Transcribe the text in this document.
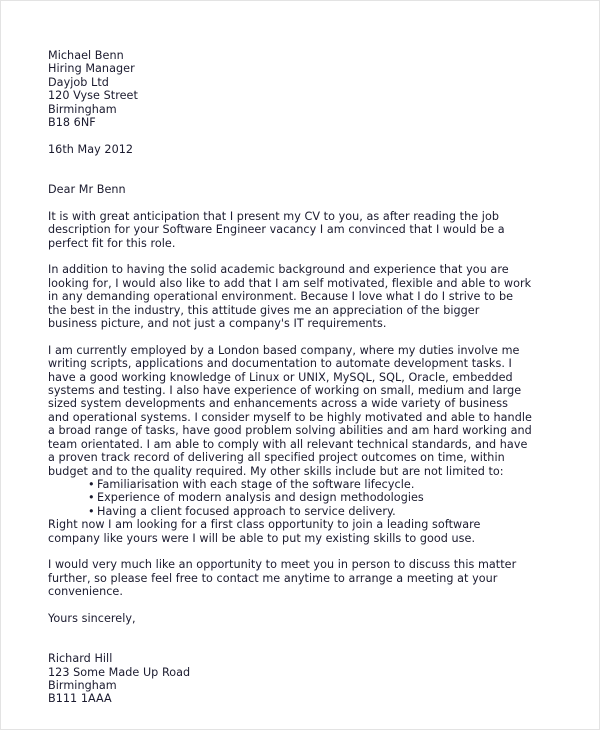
Michael Benn
Hiring Manager
Dayjob Ltd
120 Vyse Street
Birmingham
B18 6NF
16th May 2012
Dear Mr Benn

It is with great anticipation that I present my CV to you, as after reading the job description for your Software Engineer vacancy I am convinced that I would be a perfect fit for this role.

In addition to having the solid academic background and experience that you are looking for, I would also like to add that I am self motivated, flexible and able to work in any demanding operational environment. Because I love what I do I strive to be the best in the industry, this attitude gives me an appreciation of the bigger business picture, and not just a company's IT requirements.

I am currently employed by a London based company, where my duties involve me writing scripts, applications and documentation to automate development tasks. I have a good working knowledge of Linux or UNIX, MySQL, SQL, Oracle, embedded systems and testing. I also have experience of working on small, medium and large sized system developments and enhancements across a wide variety of business and operational systems. I consider myself to be highly motivated and able to handle a broad range of tasks, have good problem solving abilities and am hard working and team orientated. I am able to comply with all relevant technical standards, and have a proven track record of delivering all specified project outcomes on time, within budget and to the quality required. My other skills include but are not limited to:

• Familiarisation with each stage of the software lifecycle.
• Experience of modern analysis and design methodologies
• Having a client focused approach to service delivery.

Right now I am looking for a first class opportunity to join a leading software company like yours were I will be able to put my existing skills to good use.

I would very much like an opportunity to meet you in person to discuss this matter further, so please feel free to contact me anytime to arrange a meeting at your convenience.

Yours sincerely,
Richard Hill
123 Some Made Up Road
Birmingham
B111 1AAA
